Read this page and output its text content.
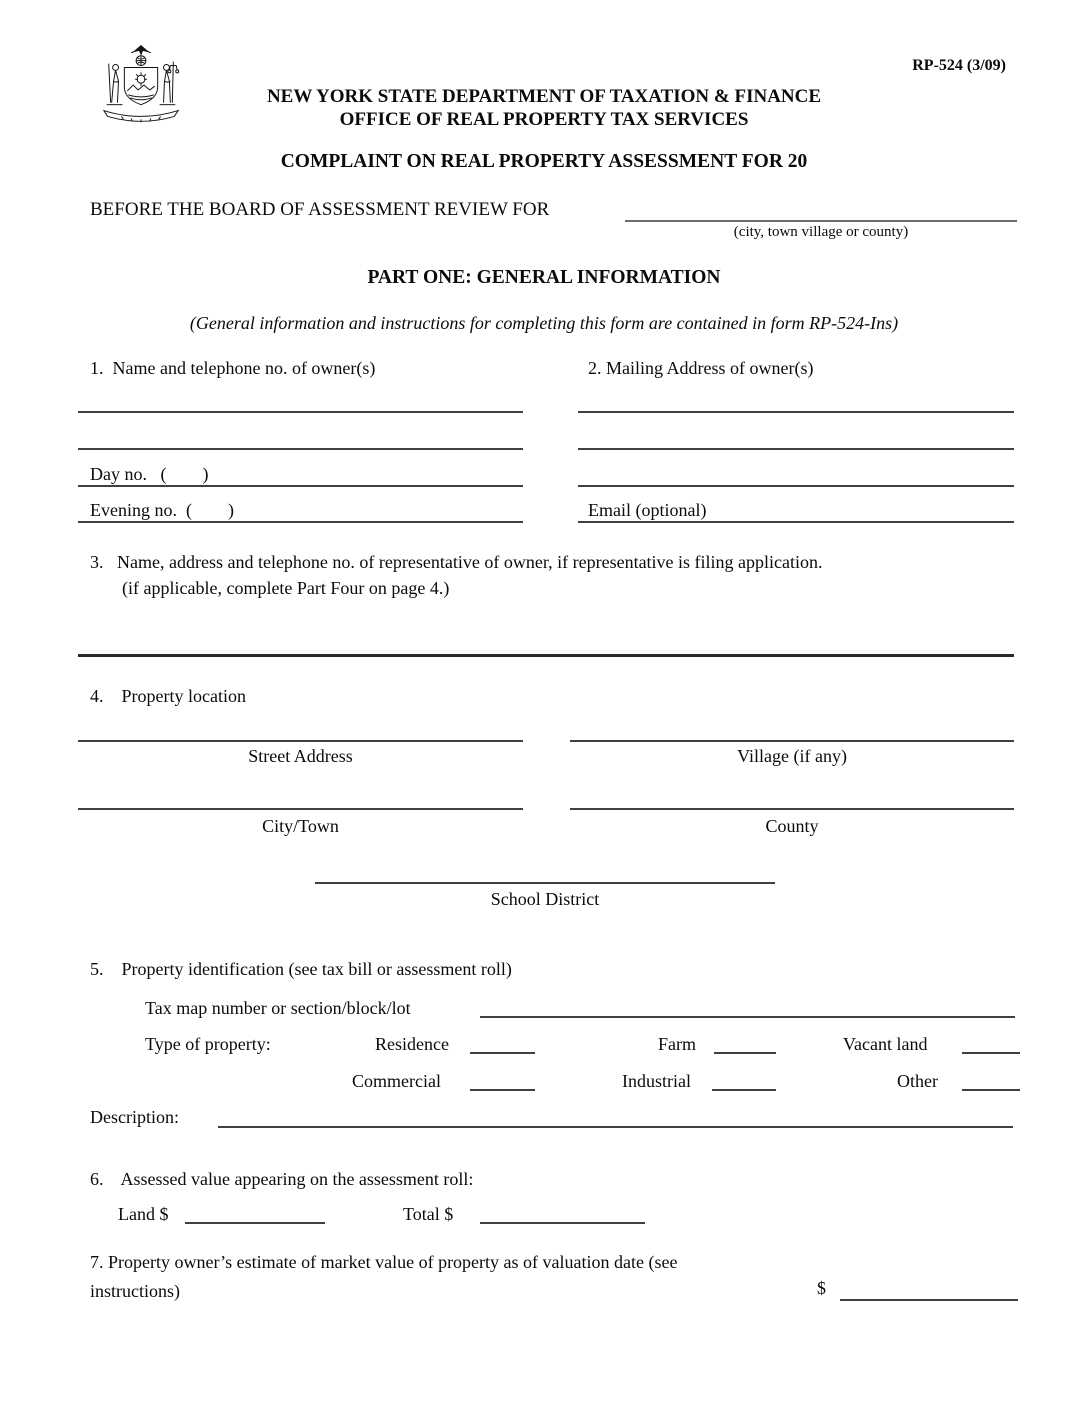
RP-524 (3/09)
NEW YORK STATE DEPARTMENT OF TAXATION & FINANCE
OFFICE OF REAL PROPERTY TAX SERVICES
COMPLAINT ON REAL PROPERTY ASSESSMENT FOR 20
BEFORE THE BOARD OF ASSESSMENT REVIEW FOR
(city, town village or county)
PART ONE: GENERAL INFORMATION
(General information and instructions for completing this form are contained in form RP-524-Ins)
1.  Name and telephone no. of owner(s)	2. Mailing Address of owner(s)
Day no.   (        )
Evening no.  (        )	Email (optional)
3.   Name, address and telephone no. of representative of owner, if representative is filing application.
(if applicable, complete Part Four on page 4.)
4.    Property location
Street Address	Village (if any)
City/Town	County
School District
5.    Property identification (see tax bill or assessment roll)
Tax map number or section/block/lot
Type of property:	Residence	Farm	Vacant land
Commercial	Industrial	Other
Description:
6.    Assessed value appearing on the assessment roll:
Land $	Total $
7. Property owner’s estimate of market value of property as of valuation date (see
instructions)	$
